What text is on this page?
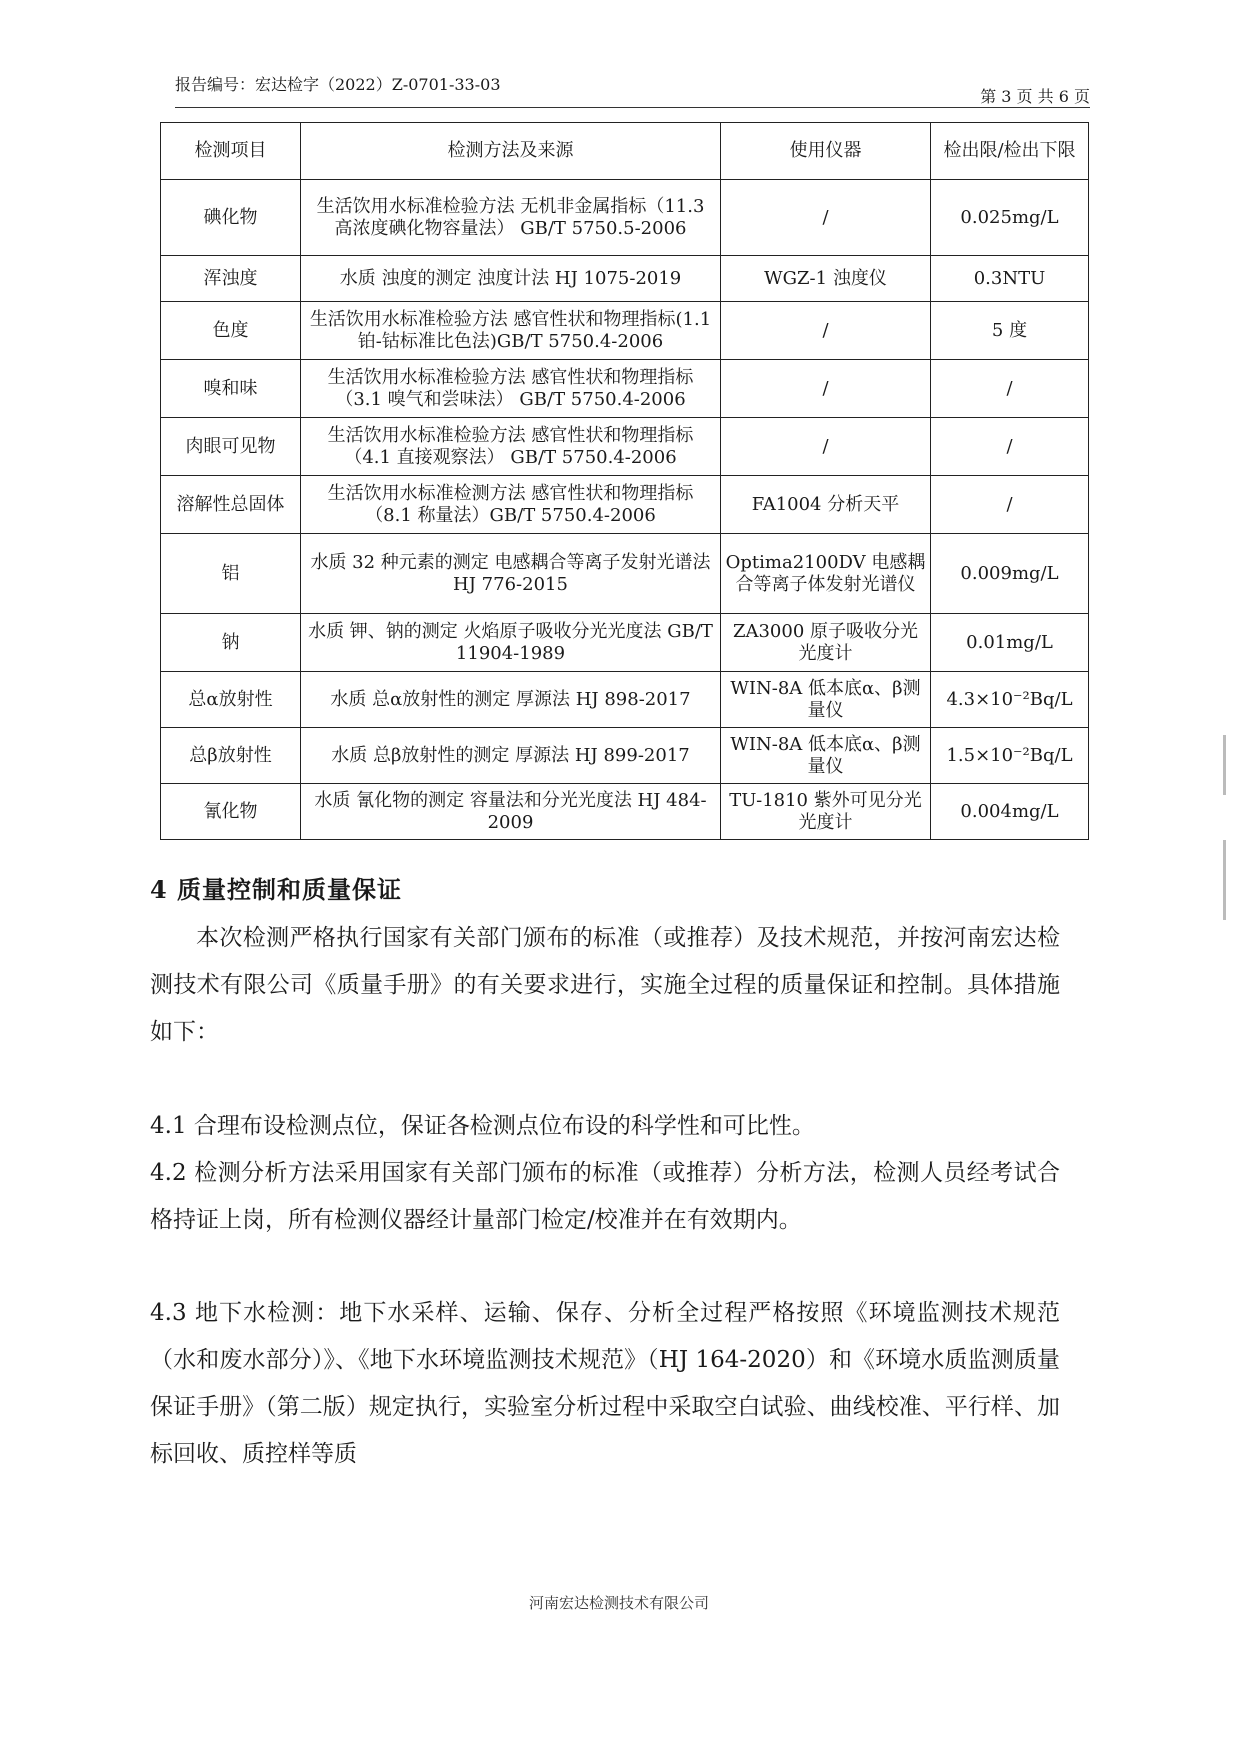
报告编号：宏达检字（2022）Z-0701-33-03
第 3 页 共 6 页
检测项目	检测方法及来源	使用仪器	检出限/检出下限
碘化物	生活饮用水标准检验方法 无机非金属指标（11.3 高浓度碘化物容量法） GB/T 5750.5-2006	/	0.025mg/L
浑浊度	水质 浊度的测定 浊度计法 HJ 1075-2019	WGZ-1 浊度仪	0.3NTU
色度	生活饮用水标准检验方法 感官性状和物理指标(1.1 铂-钴标准比色法)GB/T 5750.4-2006	/	5 度
嗅和味	生活饮用水标准检验方法 感官性状和物理指标（3.1 嗅气和尝味法） GB/T 5750.4-2006	/	/
肉眼可见物	生活饮用水标准检验方法 感官性状和物理指标（4.1 直接观察法） GB/T 5750.4-2006	/	/
溶解性总固体	生活饮用水标准检测方法 感官性状和物理指标（8.1 称量法）GB/T 5750.4-2006	FA1004 分析天平	/
铝	水质 32 种元素的测定 电感耦合等离子发射光谱法 HJ 776-2015	Optima2100DV 电感耦合等离子体发射光谱仪	0.009mg/L
钠	水质 钾、钠的测定 火焰原子吸收分光光度法 GB/T 11904-1989	ZA3000 原子吸收分光光度计	0.01mg/L
总α放射性	水质 总α放射性的测定 厚源法 HJ 898-2017	WIN-8A 低本底α、β测量仪	4.3×10⁻²Bq/L
总β放射性	水质 总β放射性的测定 厚源法 HJ 899-2017	WIN-8A 低本底α、β测量仪	1.5×10⁻²Bq/L
氰化物	水质 氰化物的测定 容量法和分光光度法 HJ 484-2009	TU-1810 紫外可见分光光度计	0.004mg/L
4 质量控制和质量保证
本次检测严格执行国家有关部门颁布的标准（或推荐）及技术规范，并按河南宏达检测技术有限公司《质量手册》的有关要求进行，实施全过程的质量保证和控制。具体措施如下：
4.1 合理布设检测点位，保证各检测点位布设的科学性和可比性。
4.2 检测分析方法采用国家有关部门颁布的标准（或推荐）分析方法，检测人员经考试合格持证上岗，所有检测仪器经计量部门检定/校准并在有效期内。
4.3 地下水检测：地下水采样、运输、保存、分析全过程严格按照《环境监测技术规范（水和废水部分）》、《地下水环境监测技术规范》（HJ 164-2020）和《环境水质监测质量保证手册》（第二版）规定执行，实验室分析过程中采取空白试验、曲线校准、平行样、加标回收、质控样等质
河南宏达检测技术有限公司
